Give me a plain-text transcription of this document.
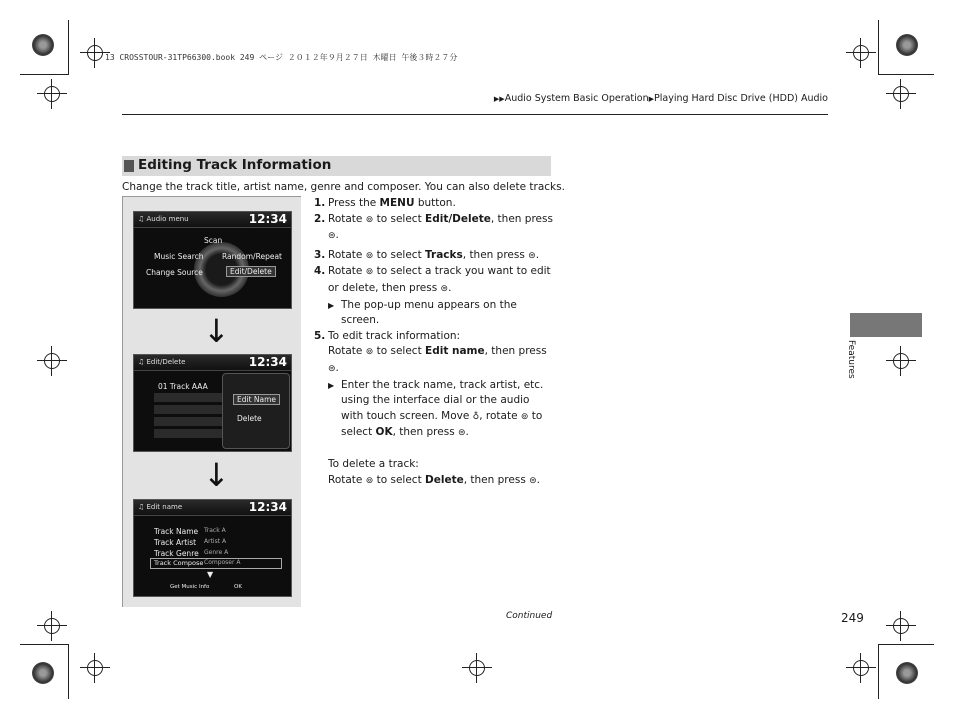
13 CROSSTOUR-31TP66300.book 249 ページ ２０１２年９月２７日 木曜日 午後３時２７分
▶▶Audio System Basic Operation▶Playing Hard Disc Drive (HDD) Audio
Editing Track Information
Change the track title, artist name, genre and composer. You can also delete tracks.
♫ Audio menu	12:34
Scan
Music Search Random/Repeat
Change Source	Edit/Delete
↓
♫ Edit/Delete	12:34
01 Track AAA
Edit Name
Delete
↓
♫ Edit name	12:34
Track Name Track A
Track Artist Artist A
Track Genre Genre A
Track Compose Composer A
▼
Get Music Info	OK
1. Press the MENU button.
2. Rotate ⊚ to select Edit/Delete, then press
⊜.
3. Rotate ⊚ to select Tracks, then press ⊜.
4. Rotate ⊚ to select a track you want to edit or delete, then press ⊜.
▶ The pop-up menu appears on the screen.
5. To edit track information:
Rotate ⊚ to select Edit name, then press
⊜.
▶ Enter the track name, track artist, etc. using the interface dial or the audio with touch screen. Move ♁, rotate ⊚ to select OK, then press ⊜.
To delete a track:
Rotate ⊚ to select Delete, then press ⊜.
Continued	249
Features
